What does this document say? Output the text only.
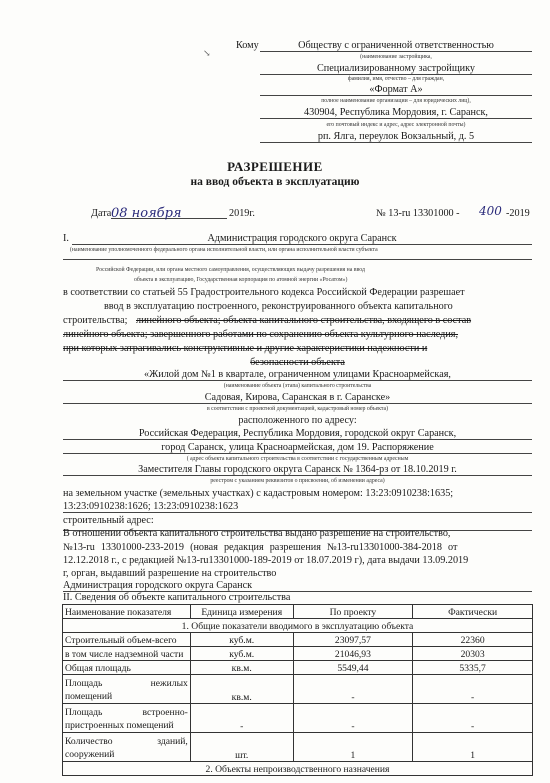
Кому	Обществу с ограниченной ответственностью
(наименование застройщика,
Специализированному застройщику
фамилия, имя, отчество – для граждан,
«Формат А»
полное наименование организации – для юридических лиц),
430904, Республика Мордовия, г. Саранск,
его почтовый индекс и адрес, адрес электронной почты)
рп. Ялга, переулок Вокзальный, д. 5
↘
РАЗРЕШЕНИЕ
на ввод объекта в эксплуатацию
Дата 08 ноября	2019г.	№ 13-ru 13301000 - 400 -2019
I.	Администрация городского округа Саранск
(наименование уполномоченного федерального органа исполнительной власти, или органа исполнительной власти субъекта
Российской Федерации, или органа местного самоуправления, осуществляющих выдачу разрешения на ввод
объекта в эксплуатацию, Государственная корпорация по атомной энергии «Росатом»)
в соответствии со статьей 55 Градостроительного кодекса Российской Федерации разрешает
ввод в эксплуатацию построенного, реконструированного объекта капитального
строительства; линейного объекта; объекта капитального строительства, входящего в состав
линейного объекта; завершенного работами по сохранению объекта культурного наследия,
при которых затрагивались конструктивные и другие характеристики надежности и
безопасности объекта
«Жилой дом №1 в квартале, ограниченном улицами Красноармейская,
(наименование объекта (этапа) капитального строительства
Садовая, Кирова, Саранская в г. Саранске»
в соответствии с проектной документацией, кадастровый номер объекта)
расположенного по адресу:
Российская Федерация, Республика Мордовия, городской округ Саранск,
город Саранск, улица Красноармейская, дом 19. Распоряжение
( адрес объекта капитального строительства в соответствии с государственным адресным
Заместителя Главы городского округа Саранск № 1364-рз от 18.10.2019 г.
реестром с указанием реквизитов о присвоении, об изменении адреса)
на земельном участке (земельных участках) с кадастровым номером: 13:23:0910238:1635;
13:23:0910238:1626; 13:23:0910238:1623
строительный адрес:
В отношении объекта капитального строительства выдано разрешение на строительство,
№13-ru 13301000-233-2019 (новая редакция разрешения №13-ru13301000-384-2018 от
12.12.2018 г., с редакцией №13-ru13301000-189-2019 от 18.07.2019 г), дата выдачи 13.09.2019
г, орган, выдавший разрешение на строительство
Администрация городского округа Саранск
II. Сведения об объекте капитального строительства
Наименование показателя	Единица измерения	По проекту	Фактически
1. Общие показатели вводимого в эксплуатацию объекта			
Строительный объем-всего	куб.м.	23097,57	22360
в том числе надземной части	куб.м.	21046,93	20303
Общая площадь	кв.м.	5549,44	5335,7

Площадь нежилых
помещений	кв.м.	-	-

Площадь встроенно-
пристроенных помещений	-	-	-

Количество зданий,
сооружений	шт.	1	1
2. Объекты непроизводственного назначения			
